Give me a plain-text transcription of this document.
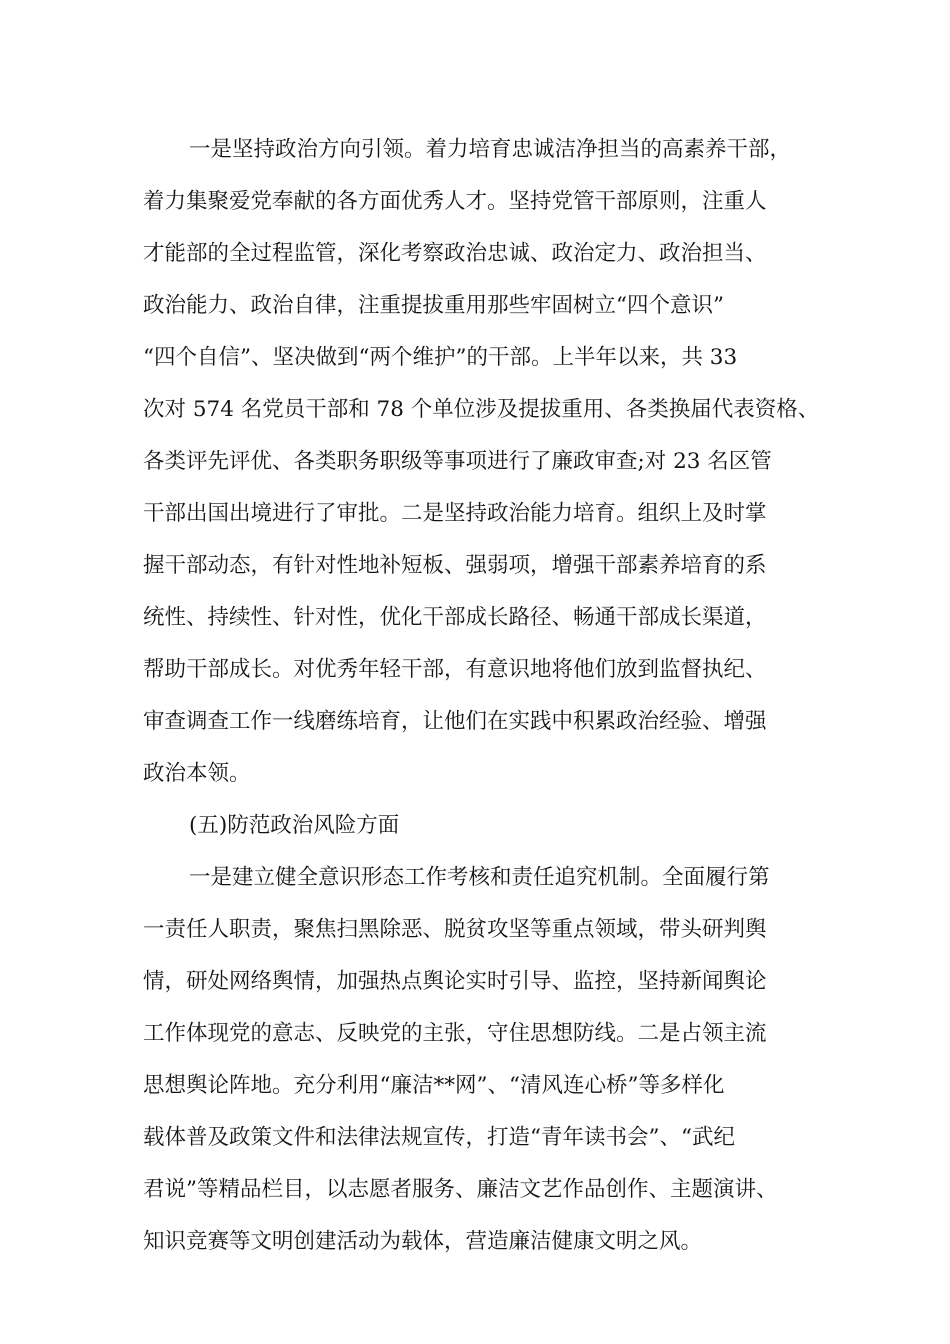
一是坚持政治方向引领。着力培育忠诚洁净担当的高素养干部，
着力集聚爱党奉献的各方面优秀人才。坚持党管干部原则，注重人
才能部的全过程监管，深化考察政治忠诚、政治定力、政治担当、
政治能力、政治自律，注重提拔重用那些牢固树立“四个意识”
“四个自信”、坚决做到“两个维护”的干部。上半年以来，共 33
次对 574 名党员干部和 78 个单位涉及提拔重用、各类换届代表资格、
各类评先评优、各类职务职级等事项进行了廉政审查;对 23 名区管
干部出国出境进行了审批。二是坚持政治能力培育。组织上及时掌
握干部动态，有针对性地补短板、强弱项，增强干部素养培育的系
统性、持续性、针对性，优化干部成长路径、畅通干部成长渠道，
帮助干部成长。对优秀年轻干部，有意识地将他们放到监督执纪、
审查调查工作一线磨练培育，让他们在实践中积累政治经验、增强
政治本领。
(五)防范政治风险方面
一是建立健全意识形态工作考核和责任追究机制。全面履行第
一责任人职责，聚焦扫黑除恶、脱贫攻坚等重点领域，带头研判舆
情，研处网络舆情，加强热点舆论实时引导、监控，坚持新闻舆论
工作体现党的意志、反映党的主张，守住思想防线。二是占领主流
思想舆论阵地。充分利用“廉洁**网”、“清风连心桥”等多样化
载体普及政策文件和法律法规宣传，打造“青年读书会”、“武纪
君说”等精品栏目，以志愿者服务、廉洁文艺作品创作、主题演讲、
知识竞赛等文明创建活动为载体，营造廉洁健康文明之风。
